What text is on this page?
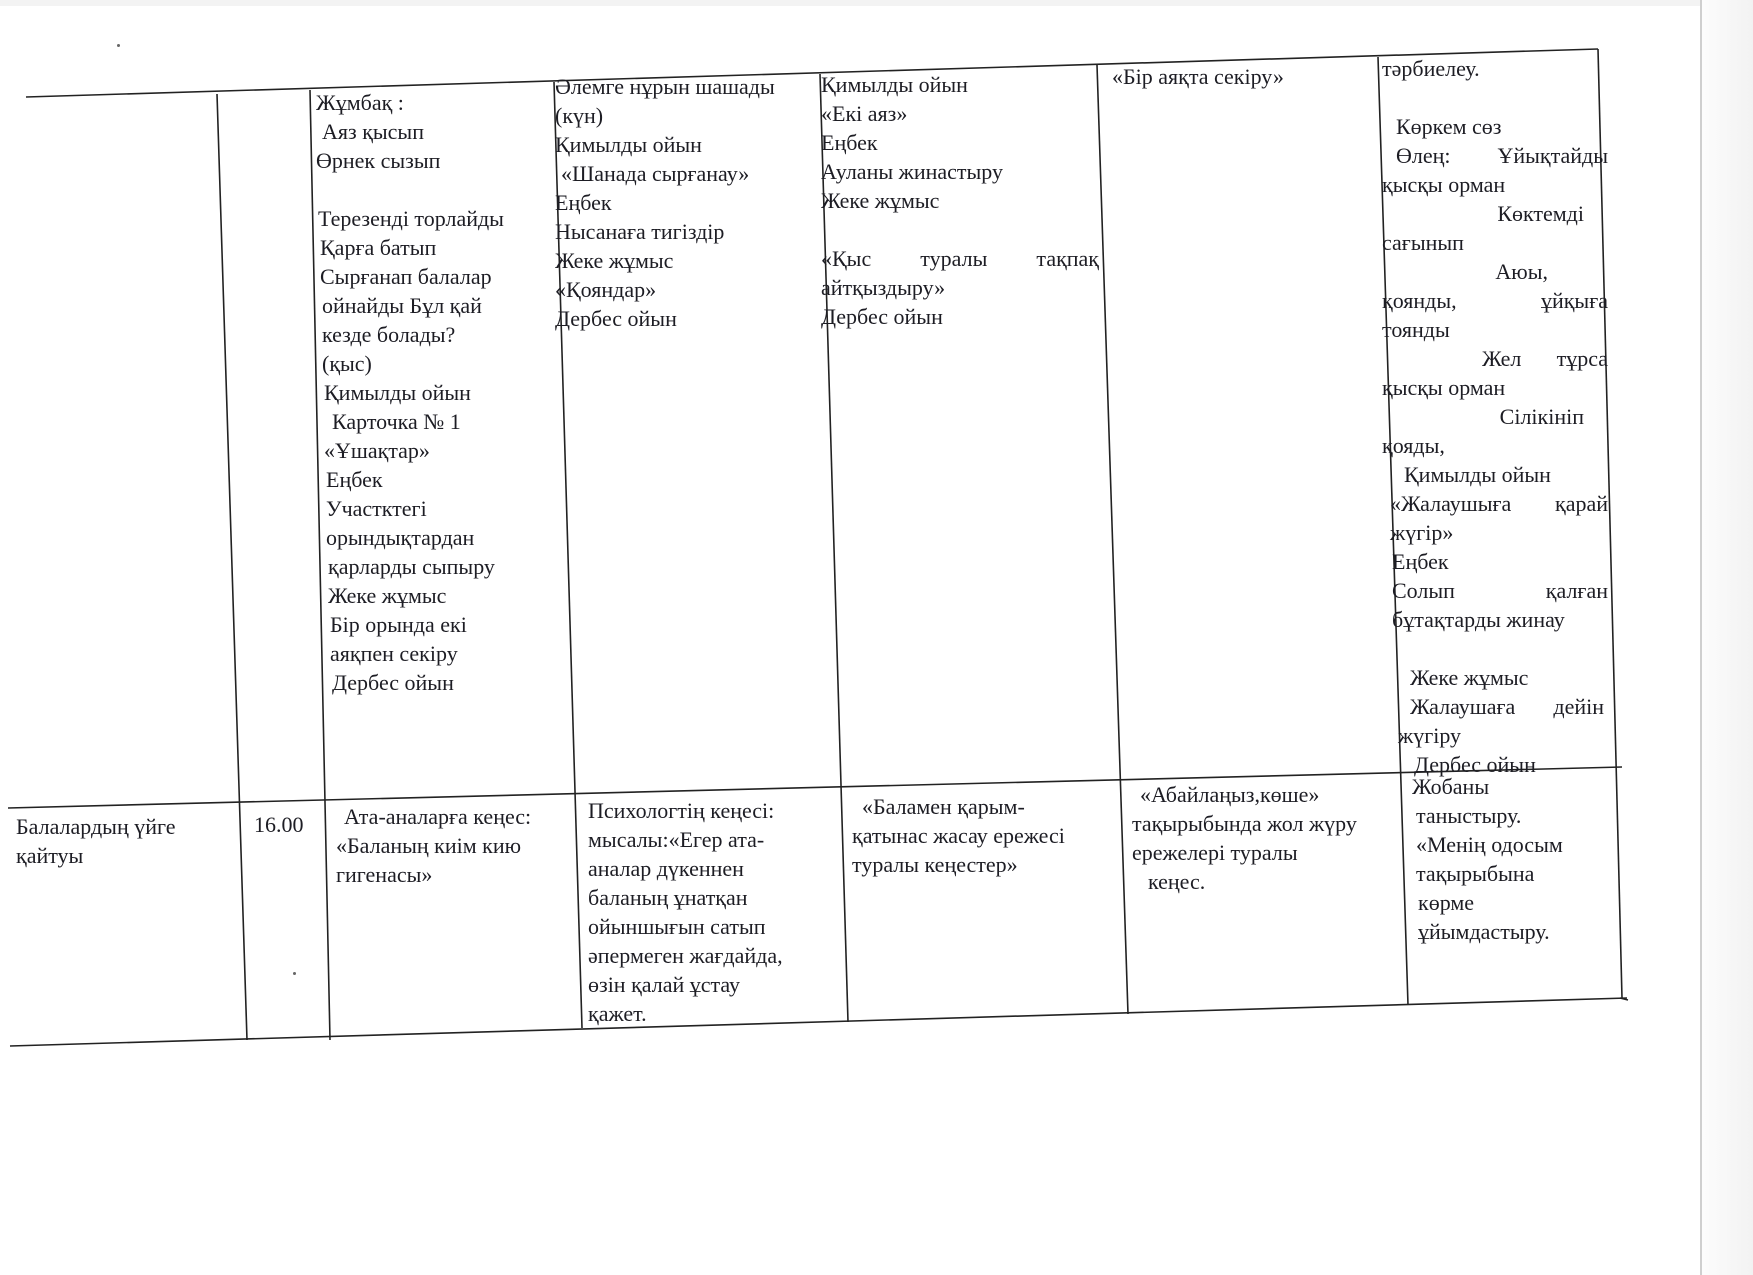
Жұмбақ :
Аяз қысып
Өрнек сызып

Терезенді торлайды
Қарға батып
Сырғанап балалар
ойнайды Бұл қай
кезде болады?
(қыс)
Қимылды ойын
Карточка № 1
«Ұшақтар»
Еңбек
Участктегі
орындықтардан
қарларды сыпыру
Жеке жұмыс
Бір орында екі
аяқпен секіру
Дербес ойын
Әлемге нұрын шашады
(күн)
Қимылды ойын
«Шанада сырғанау»
Еңбек
Нысанаға тигіздір
Жеке жұмыс
«Қояндар»
Дербес ойын
Қимылды ойын
«Екі аяз»
Еңбек
Ауланы жинастыру
Жеке жұмыс

«Қыс туралы тақпақ
айтқыздыру»
Дербес ойын
«Бір аяқта секіру»	тәрбиелеу.

Көркем сөз
Өлең: Ұйықтайды
қысқы орман
Көктемді
сағынып
Аюы,
қоянды, ұйқыға
тоянды
Жел тұрса
қысқы орман
Сілікініп
қояды,
Қимылды ойын
«Жалаушыға қарай
жүгір»
Еңбек
Солып қалған
бұтақтарды жинау

Жеке жұмыс
Жалаушаға дейін
жүгіру
Дербес ойын
Балалардың үйге
қайтуы
16.00	Ата-аналарға кеңес:
«Баланың киім кию
гигенасы»
Психологтің кеңесі:
мысалы:«Егер ата-
аналар дүкеннен
баланың ұнатқан
ойыншығын сатып
әпермеген жағдайда,
өзін қалай ұстау
қажет.
«Баламен қарым-
қатынас жасау ережесі
туралы кеңестер»
«Абайлаңыз,көше»
тақырыбында жол жүру
ережелері туралы
кеңес.
Жобаны
таныстыру.
«Менің одосым
тақырыбына
көрме
ұйымдастыру.
